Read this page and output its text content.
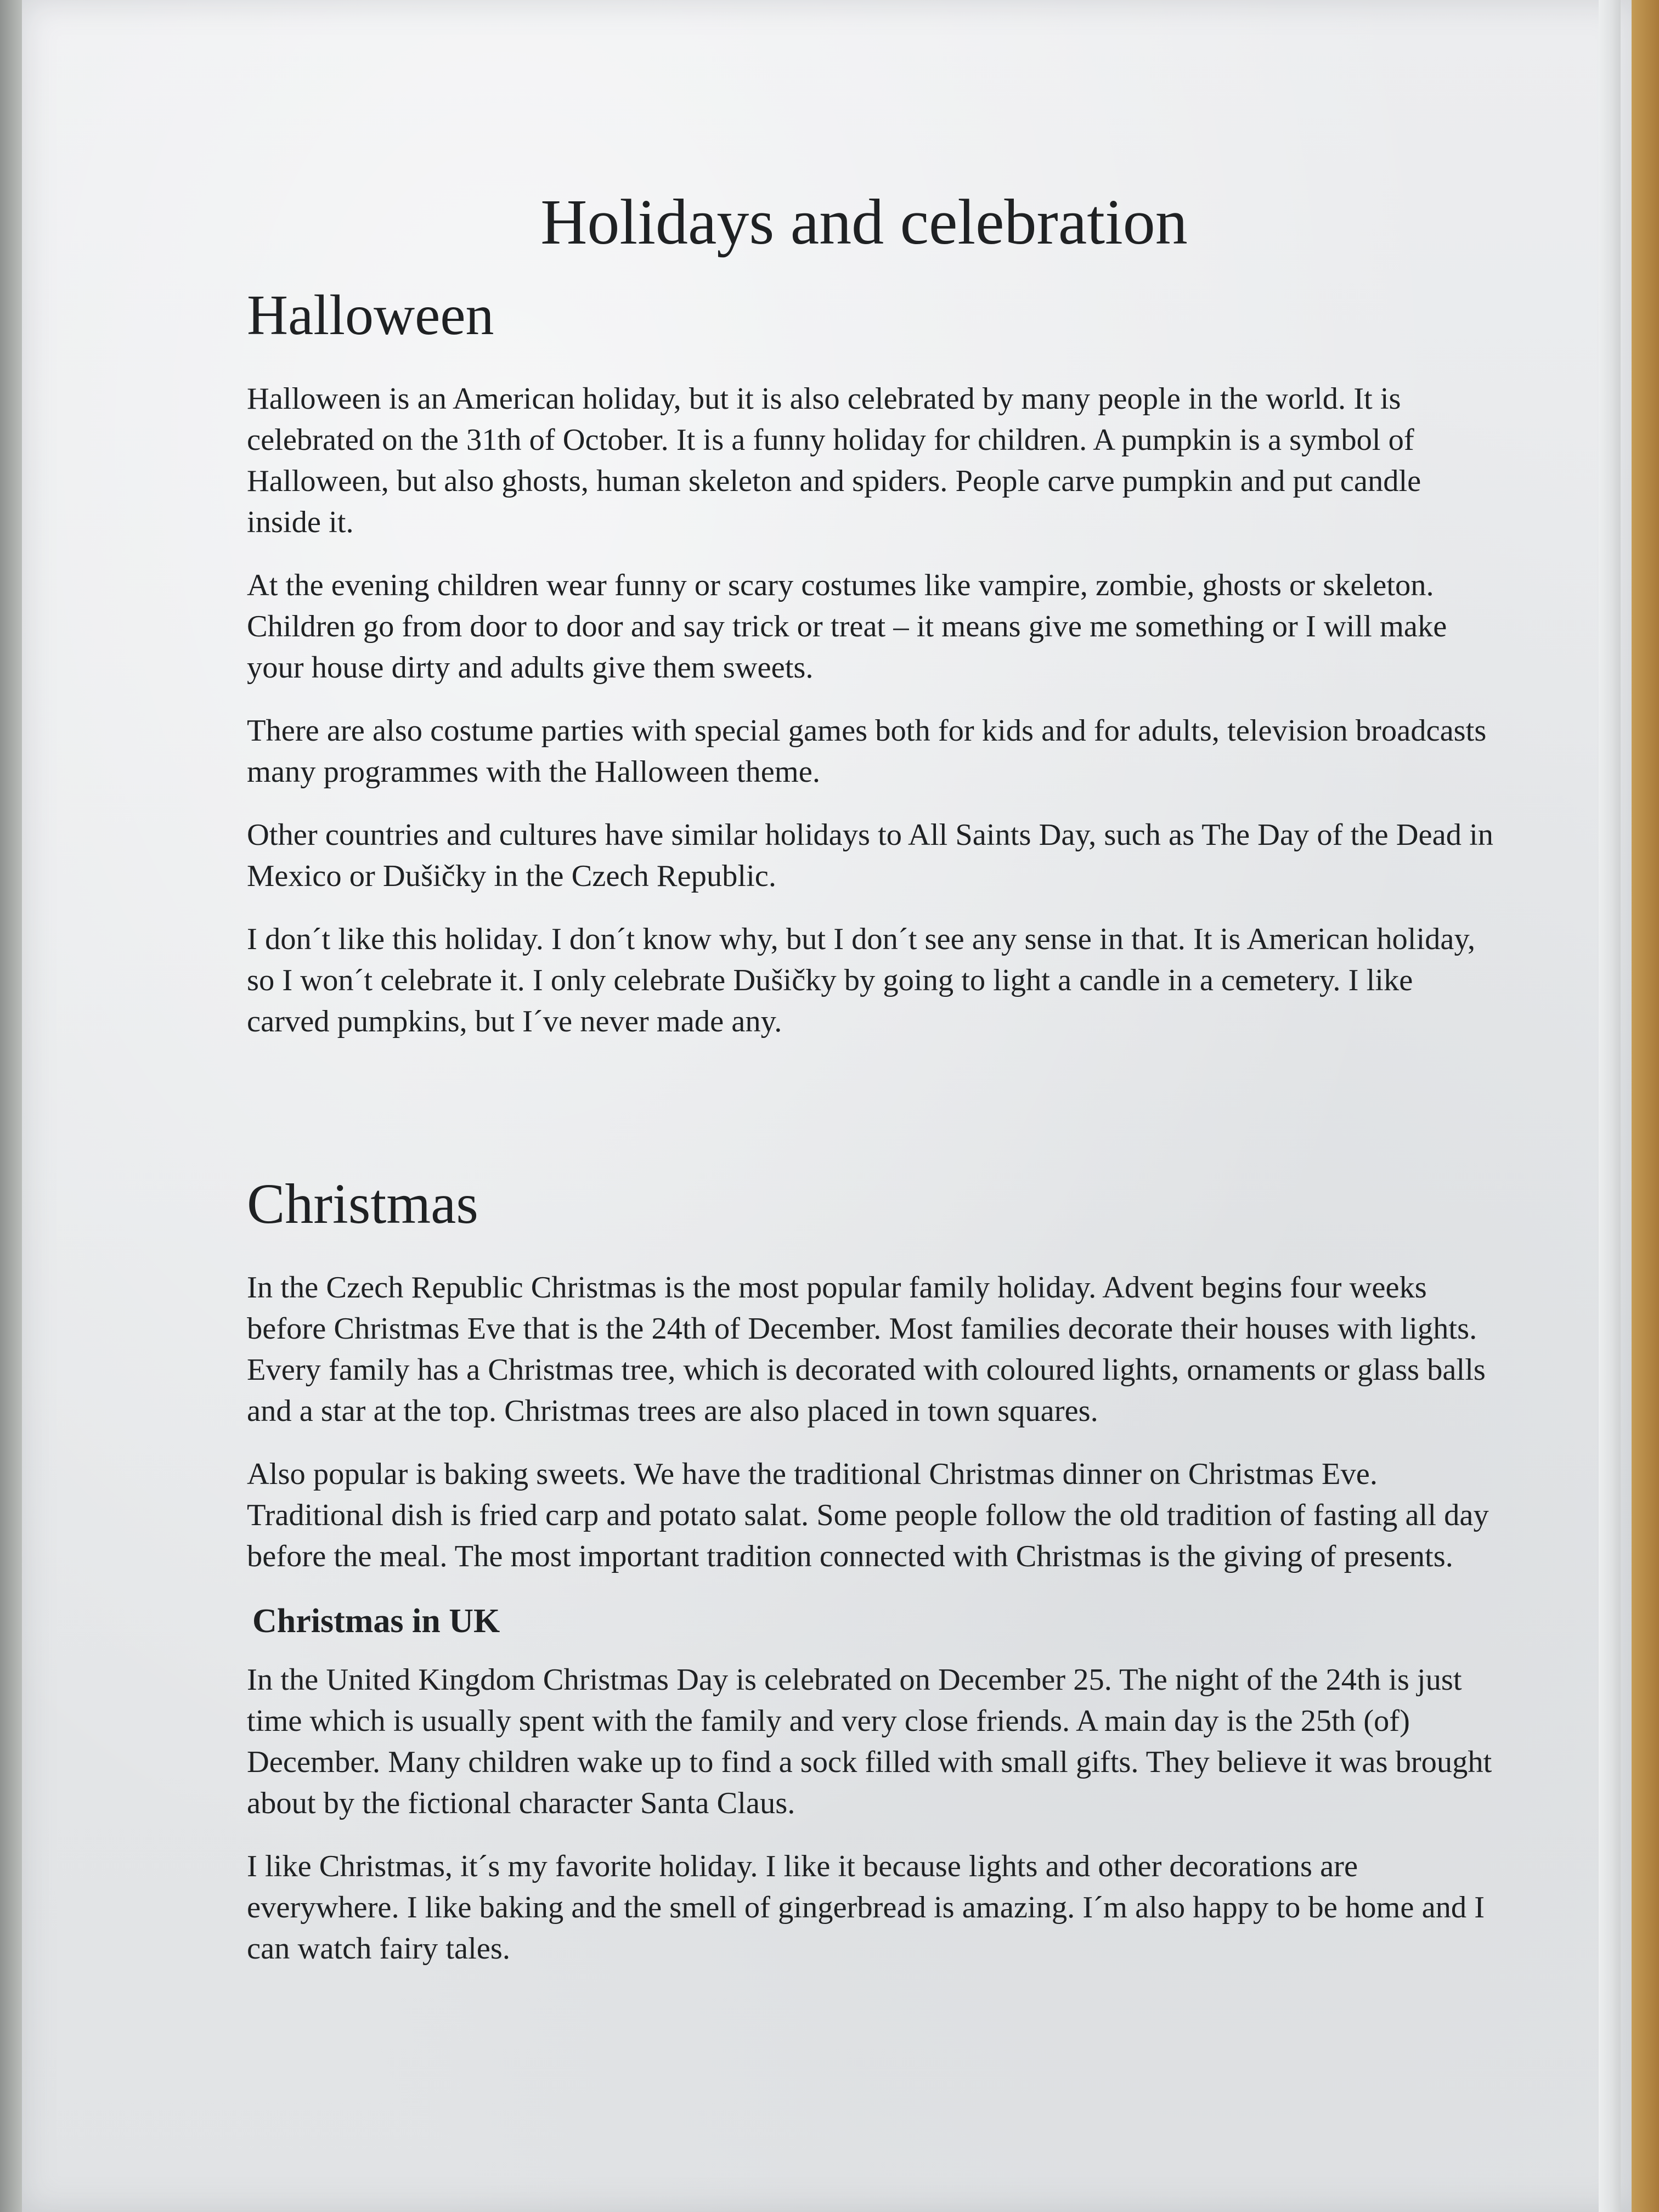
Holidays and celebration
Halloween

Halloween is an American holiday, but it is also celebrated by many people in the world. It is celebrated on the 31th of October. It is a funny holiday for children. A pumpkin is a symbol of Halloween, but also ghosts, human skeleton and spiders. People carve pumpkin and put candle inside it.

At the evening children wear funny or scary costumes like vampire, zombie, ghosts or skeleton. Children go from door to door and say trick or treat – it means give me something or I will make your house dirty and adults give them sweets.

There are also costume parties with special games both for kids and for adults, television broadcasts many programmes with the Halloween theme.

Other countries and cultures have similar holidays to All Saints Day, such as The Day of the Dead in Mexico or Dušičky in the Czech Republic.

I don´t like this holiday. I don´t know why, but I don´t see any sense in that. It is American holiday, so I won´t celebrate it. I only celebrate Dušičky by going to light a candle in a cemetery. I like carved pumpkins, but I´ve never made any.

Christmas

In the Czech Republic Christmas is the most popular family holiday. Advent begins four weeks before Christmas Eve that is the 24th of December. Most families decorate their houses with lights. Every family has a Christmas tree, which is decorated with coloured lights, ornaments or glass balls and a star at the top. Christmas trees are also placed in town squares.

Also popular is baking sweets. We have the traditional Christmas dinner on Christmas Eve. Traditional dish is fried carp and potato salat. Some people follow the old tradition of fasting all day before the meal. The most important tradition connected with Christmas is the giving of presents.

Christmas in UK

In the United Kingdom Christmas Day is celebrated on December 25. The night of the 24th is just time which is usually spent with the family and very close friends. A main day is the 25th (of) December. Many children wake up to find a sock filled with small gifts. They believe it was brought about by the fictional character Santa Claus.

I like Christmas, it´s my favorite holiday. I like it because lights and other decorations are everywhere. I like baking and the smell of gingerbread is amazing. I´m also happy to be home and I can watch fairy tales.
